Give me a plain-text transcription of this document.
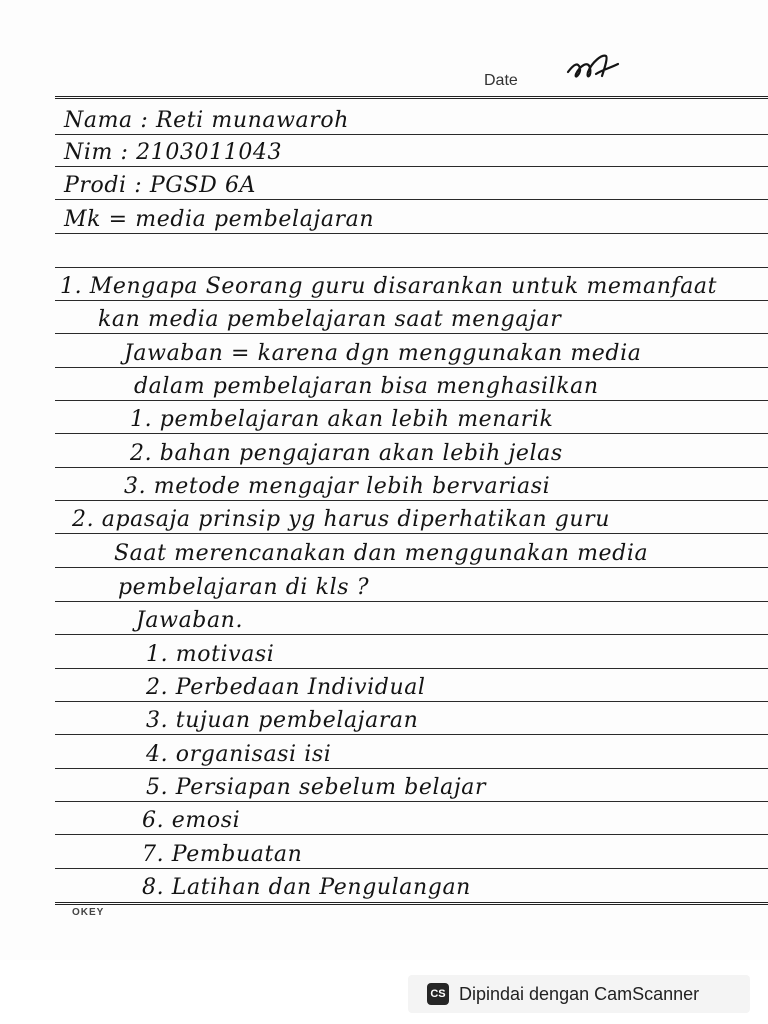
Date
Nama : Reti munawaroh
Nim : 2103011043
Prodi : PGSD 6A
Mk = media pembelajaran
1. Mengapa Seorang guru disarankan untuk memanfaat
kan media pembelajaran saat mengajar
Jawaban = karena dgn menggunakan media
dalam pembelajaran bisa menghasilkan
1. pembelajaran akan lebih menarik
2. bahan pengajaran akan lebih jelas
3. metode mengajar lebih bervariasi
2. apasaja prinsip yg harus diperhatikan guru
Saat merencanakan dan menggunakan media
pembelajaran di kls ?
Jawaban.
1. motivasi
2. Perbedaan Individual
3. tujuan pembelajaran
4. organisasi isi
5. Persiapan sebelum belajar
6. emosi
7. Pembuatan
8. Latihan dan Pengulangan
OKEY
CS Dipindai dengan CamScanner
